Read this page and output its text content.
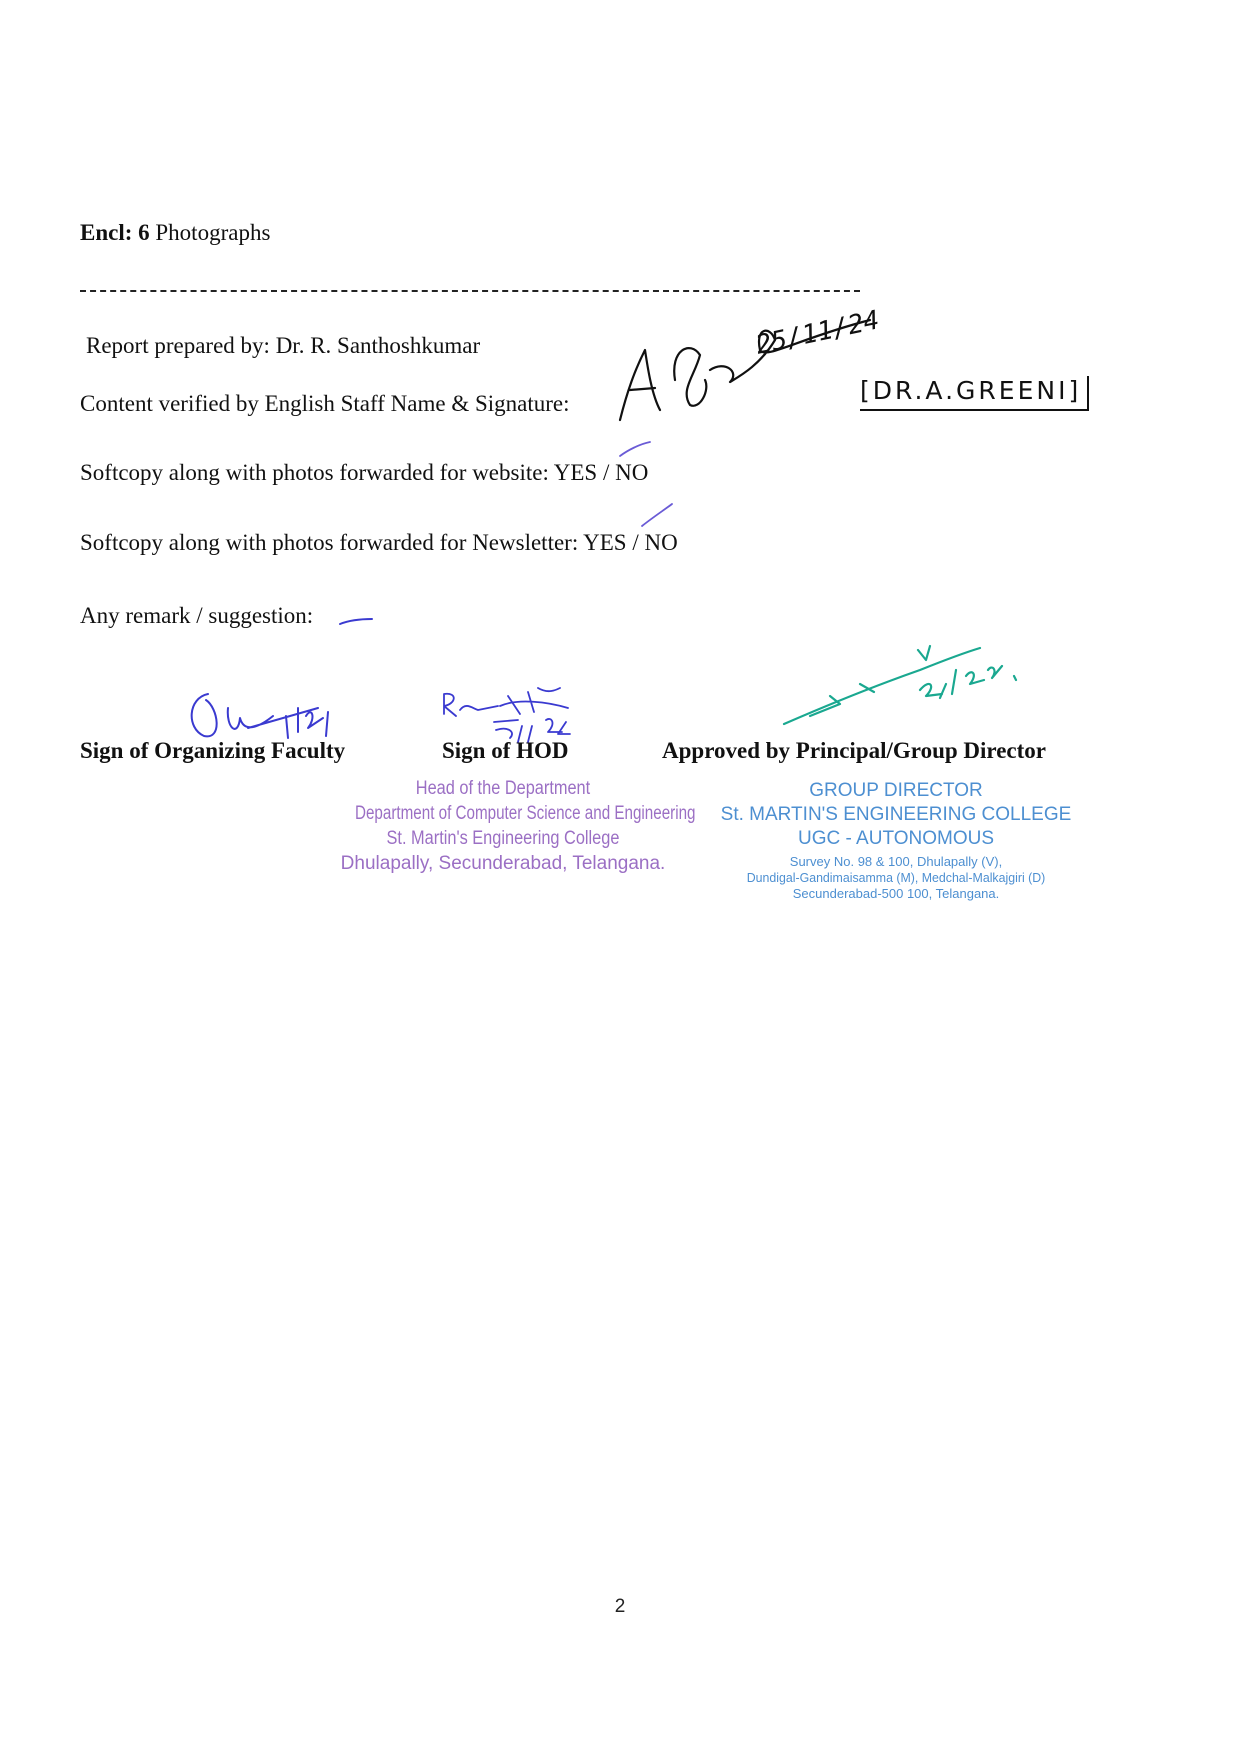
Encl: 6 Photographs
Report prepared by: Dr. R. Santhoshkumar
Content verified by English Staff Name & Signature:
25/11/24
[DR.A.GREENI]
Softcopy along with photos forwarded for website: YES / NO
Softcopy along with photos forwarded for Newsletter: YES / NO
Any remark / suggestion:
Sign of Organizing Faculty	Sign of HOD	Approved by Principal/Group Director
Head of the Department
Department of Computer Science and Engineering
St. Martin's Engineering College
Dhulapally, Secunderabad, Telangana.
GROUP DIRECTOR
St. MARTIN'S ENGINEERING COLLEGE
UGC - AUTONOMOUS
Survey No. 98 & 100, Dhulapally (V),
Dundigal-Gandimaisamma (M), Medchal-Malkajgiri (D)
Secunderabad-500 100, Telangana.
2
